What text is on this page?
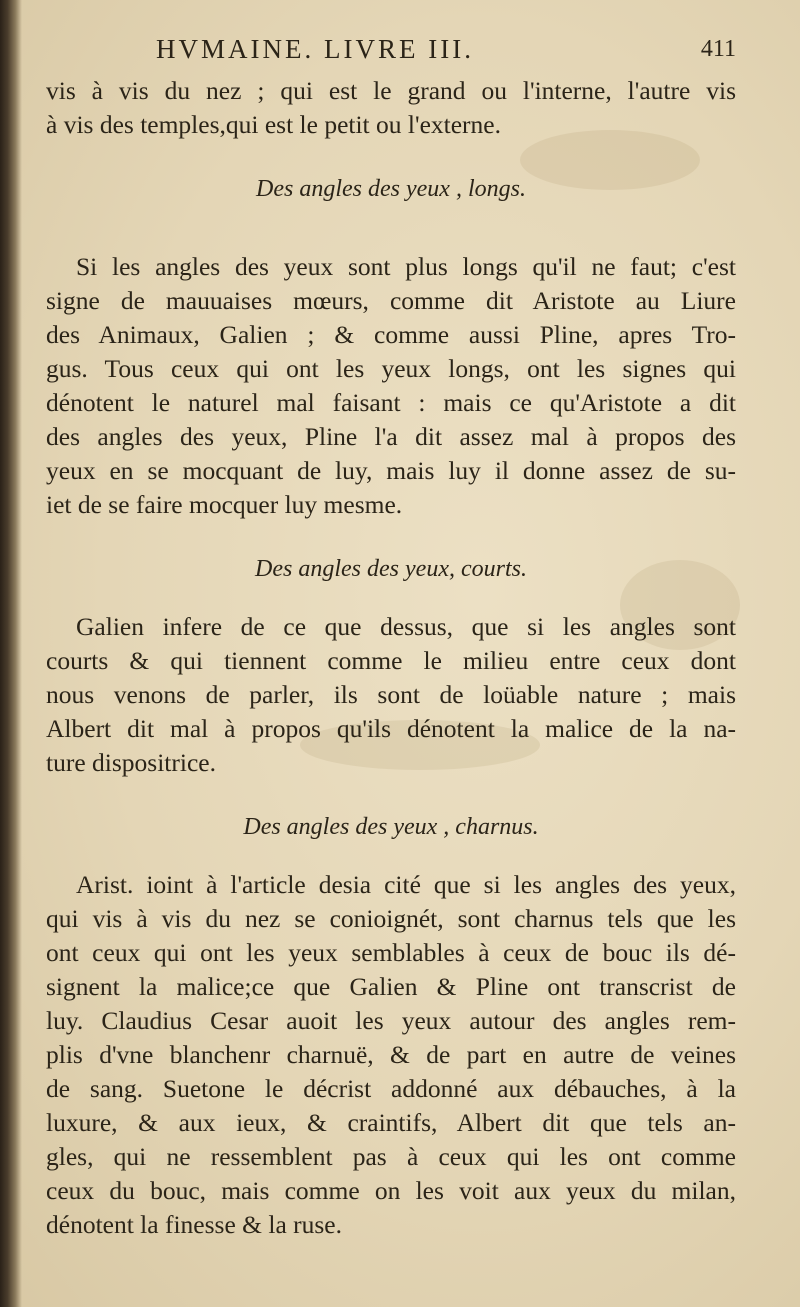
HVMAINE. LIVRE III.	411
vis à vis du nez ; qui est le grand ou l'interne, l'autre vis
à vis des temples,qui est le petit ou l'externe.
Des angles des yeux , longs.
Si les angles des yeux sont plus longs qu'il ne faut; c'est
signe de mauuaises mœurs, comme dit Aristote au Liure
des Animaux, Galien ; & comme aussi Pline, apres Tro-
gus. Tous ceux qui ont les yeux longs, ont les signes qui
dénotent le naturel mal faisant : mais ce qu'Aristote a dit
des angles des yeux, Pline l'a dit assez mal à propos des
yeux en se mocquant de luy, mais luy il donne assez de su-
iet de se faire mocquer luy mesme.
Des angles des yeux, courts.
Galien infere de ce que dessus, que si les angles sont
courts & qui tiennent comme le milieu entre ceux dont
nous venons de parler, ils sont de loüable nature ; mais
Albert dit mal à propos qu'ils dénotent la malice de la na-
ture dispositrice.
Des angles des yeux , charnus.
Arist. ioint à l'article desia cité que si les angles des yeux,
qui vis à vis du nez se conioignét, sont charnus tels que les
ont ceux qui ont les yeux semblables à ceux de bouc ils dé-
signent la malice;ce que Galien & Pline ont transcrist de
luy. Claudius Cesar auoit les yeux autour des angles rem-
plis d'vne blanchenr charnuë, & de part en autre de veines
de sang. Suetone le décrist addonné aux débauches, à la
luxure, & aux ieux, & craintifs, Albert dit que tels an-
gles, qui ne ressemblent pas à ceux qui les ont comme
ceux du bouc, mais comme on les voit aux yeux du milan,
dénotent la finesse & la ruse.
